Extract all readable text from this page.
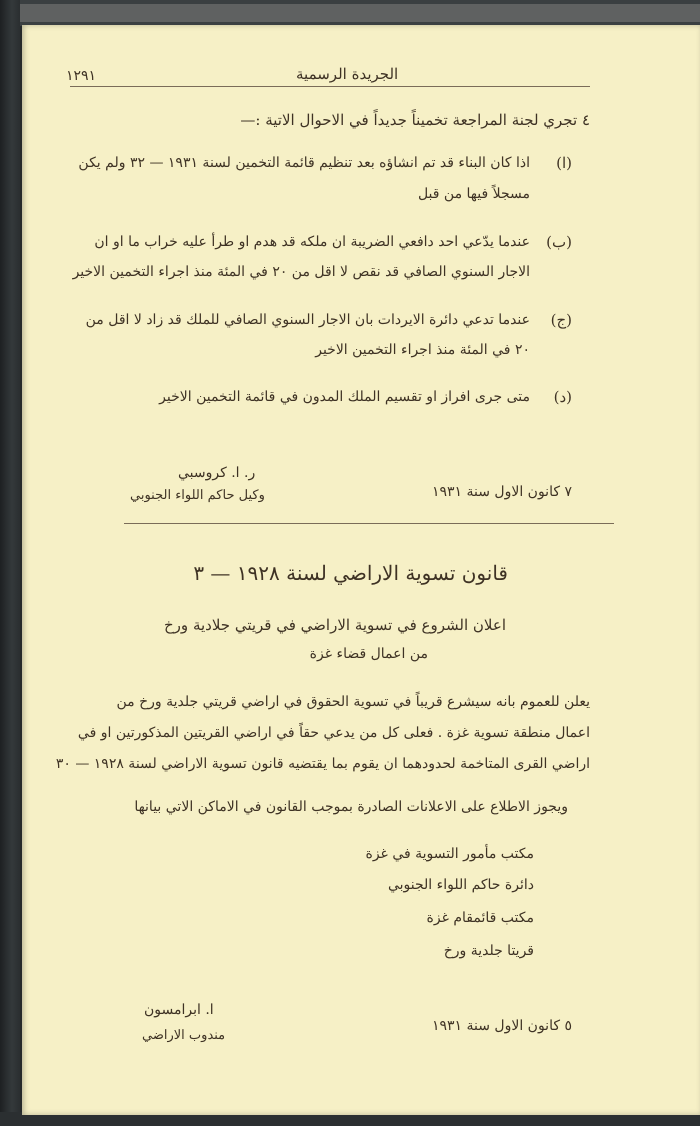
١٢٩١	الجريدة الرسمية
٤ تجري لجنة المراجعة تخميناً جديداً في الاحوال الاتية :—
(ا)
اذا كان البناء قد تم انشاؤه بعد تنظيم قائمة التخمين لسنة ١٩٣١ — ٣٢ ولم يكن
مسجلاً فيها من قبل
(ب)
عندما يدّعي احد دافعي الضريبة ان ملكه قد هدم او طرأ عليه خراب ما او ان
الاجار السنوي الصافي قد نقص لا اقل من ٢٠ في المئة منذ اجراء التخمين الاخير
(ج)
عندما تدعي دائرة الايردات بان الاجار السنوي الصافي للملك قد زاد لا اقل من
٢٠ في المئة منذ اجراء التخمين الاخير
(د)
متى جرى افراز او تقسيم الملك المدون في قائمة التخمين الاخير
ر. ا. كروسبي
وكيل حاكم اللواء الجنوبي	٧ كانون الاول سنة ١٩٣١
قانون تسوية الاراضي لسنة ١٩٢٨ — ٣
اعلان الشروع في تسوية الاراضي في قريتي جلادية ورخ
من اعمال قضاء غزة
يعلن للعموم بانه سيشرع قريباً في تسوية الحقوق في اراضي قريتي جلدية ورخ من
اعمال منطقة تسوية غزة . فعلى كل من يدعي حقاً في اراضي القريتين المذكورتين او في
اراضي القرى المتاخمة لحدودهما ان يقوم بما يقتضيه قانون تسوية الاراضي لسنة ١٩٢٨ — ٣٠
ويجوز الاطلاع على الاعلانات الصادرة بموجب القانون في الاماكن الاتي بيانها
مكتب مأمور التسوية في غزة
دائرة حاكم اللواء الجنوبي
مكتب قائمقام غزة
قريتا جلدية ورخ
ا. ابرامسون
مندوب الاراضي
٥ كانون الاول سنة ١٩٣١
